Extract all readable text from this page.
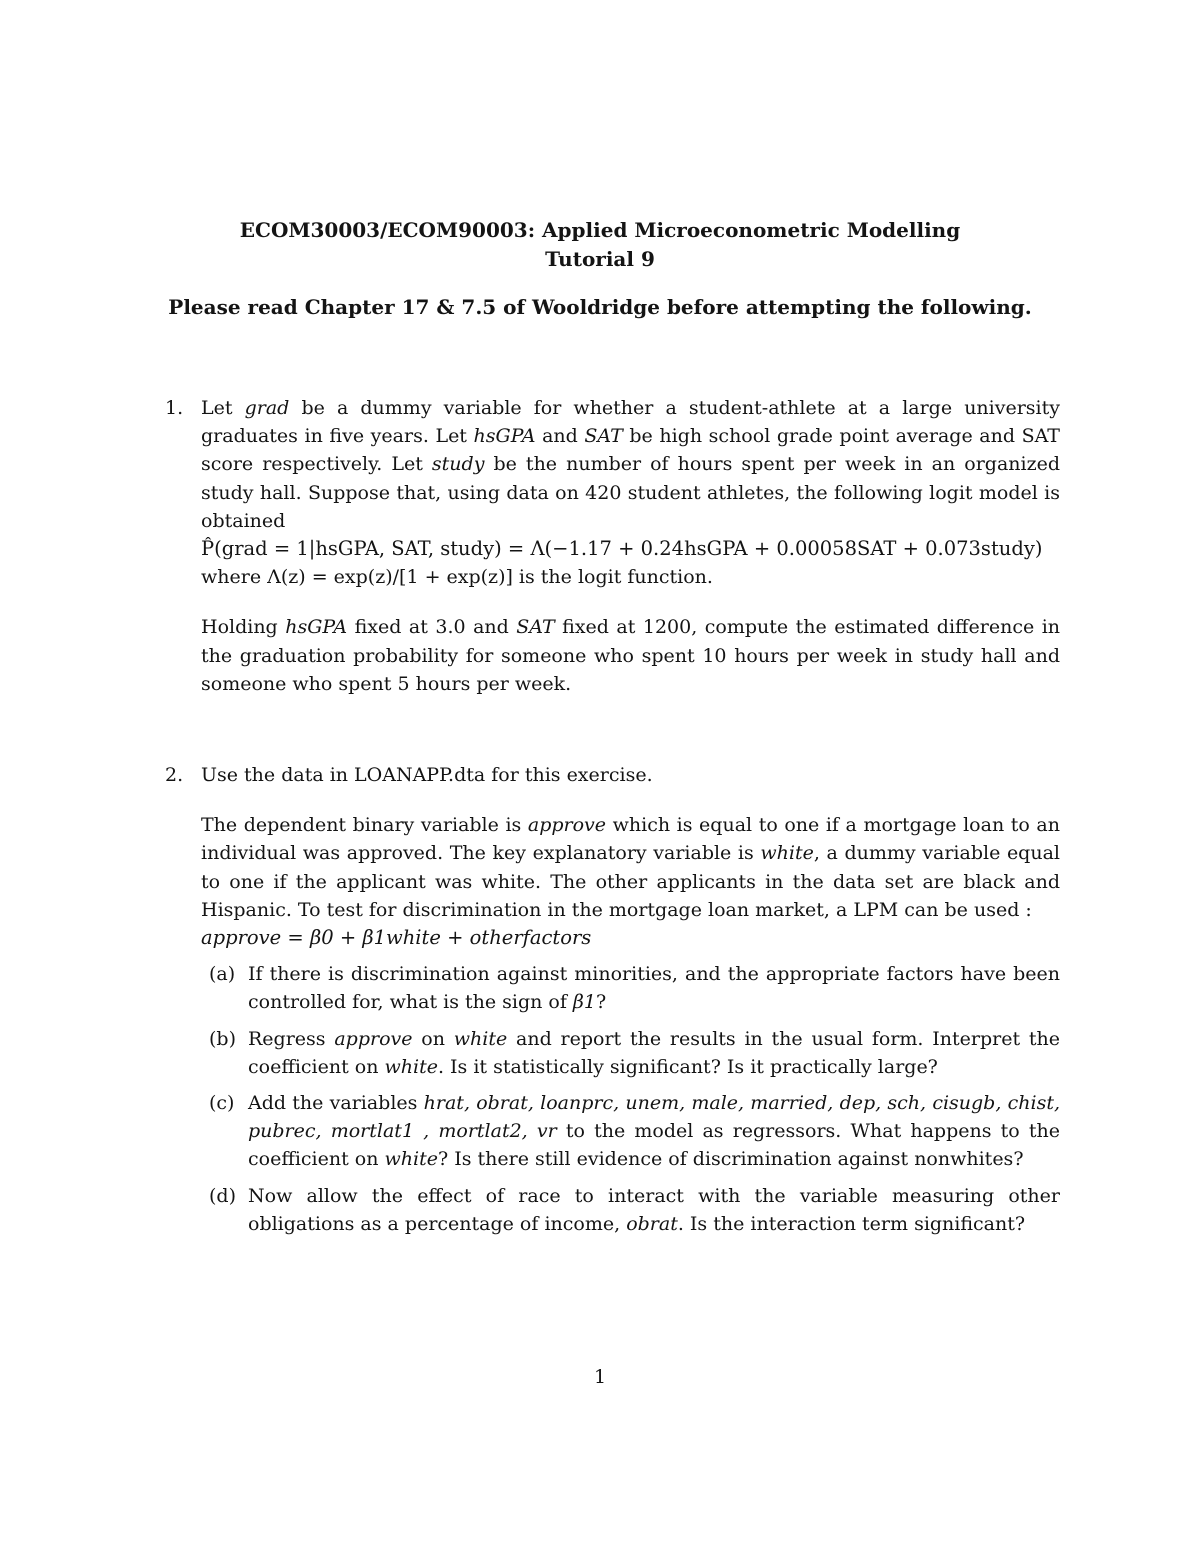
ECOM30003/ECOM90003: Applied Microeconometric Modelling
Tutorial 9
Please read Chapter 17 & 7.5 of Wooldridge before attempting the following.
1. Let grad be a dummy variable for whether a student-athlete at a large university graduates in five years. Let hsGPA and SAT be high school grade point average and SAT score respectively. Let study be the number of hours spent per week in an organized study hall. Suppose that, using data on 420 student athletes, the following logit model is obtained

P̂(grad = 1|hsGPA, SAT, study) = Λ(−1.17 + 0.24hsGPA + 0.00058SAT + 0.073study)

where Λ(z) = exp(z)/[1 + exp(z)] is the logit function.

Holding hsGPA fixed at 3.0 and SAT fixed at 1200, compute the estimated difference in the graduation probability for someone who spent 10 hours per week in study hall and someone who spent 5 hours per week.

2. Use the data in LOANAPP.dta for this exercise.

The dependent binary variable is approve which is equal to one if a mortgage loan to an individual was approved. The key explanatory variable is white, a dummy variable equal to one if the applicant was white. The other applicants in the data set are black and Hispanic. To test for discrimination in the mortgage loan market, a LPM can be used :

approve = β0 + β1white + otherfactors

(a) If there is discrimination against minorities, and the appropriate factors have been controlled for, what is the sign of β1?
(b) Regress approve on white and report the results in the usual form. Interpret the coefficient on white. Is it statistically significant? Is it practically large?
(c) Add the variables hrat, obrat, loanprc, unem, male, married, dep, sch, cisugb, chist, pubrec, mortlat1 , mortlat2, vr to the model as regressors. What happens to the coefficient on white? Is there still evidence of discrimination against nonwhites?
(d) Now allow the effect of race to interact with the variable measuring other obligations as a percentage of income, obrat. Is the interaction term significant?
1
